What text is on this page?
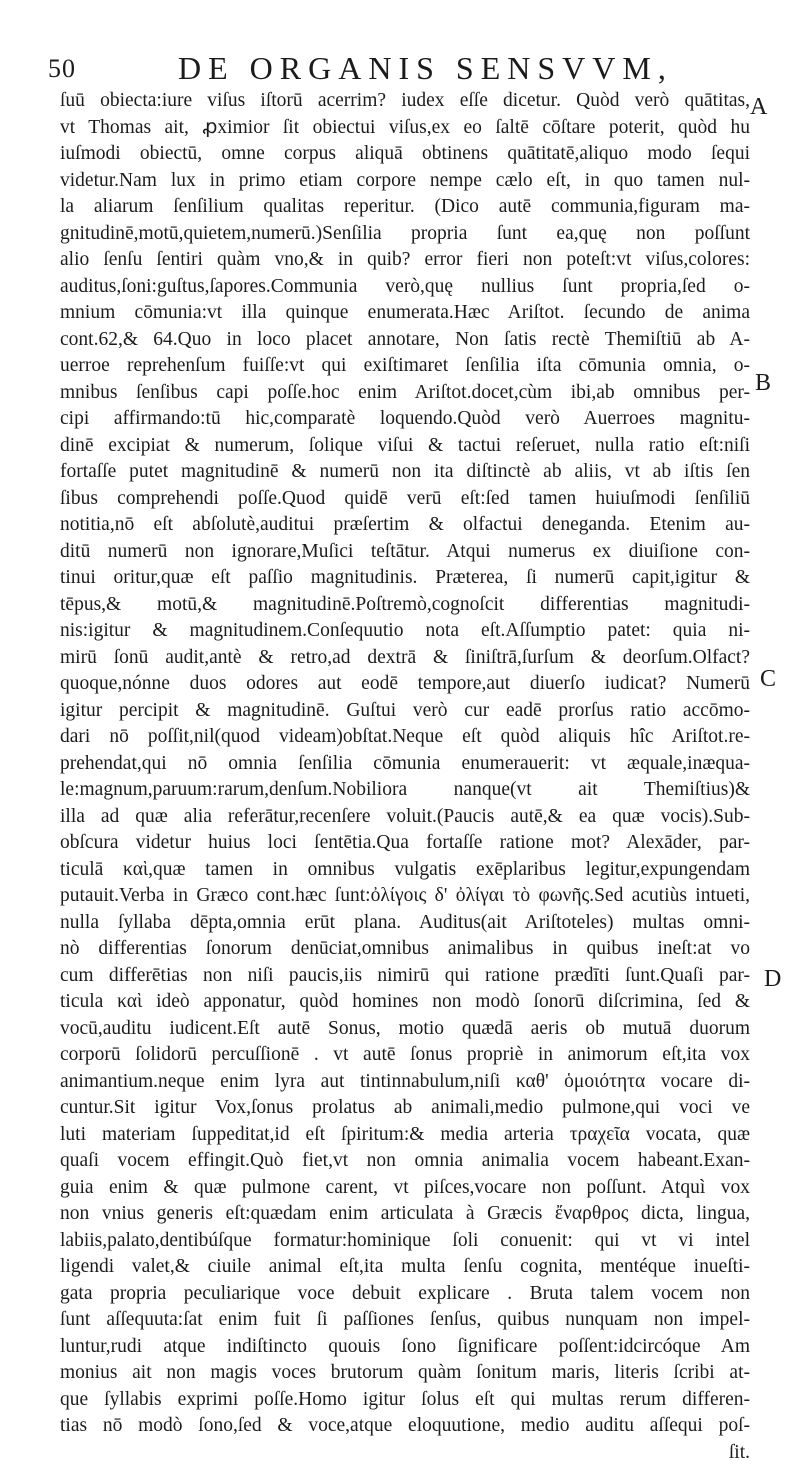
50	DE ORGANIS SENSVVM,
ſuū obiecta:iure viſus iſtorū acerrim? iudex eſſe dicetur. Quòd verò quātitas,
vt Thomas ait, ꝓximior ſit obiectui viſus,ex eo ſaltē cōſtare poterit, quòd hu
iuſmodi obiectū, omne corpus aliquā obtinens quātitatē,aliquo modo ſequi
videtur.Nam lux in primo etiam corpore nempe cælo eſt, in quo tamen nul-
la aliarum ſenſilium qualitas reperitur. (Dico autē communia,figuram ma-
gnitudinē,motū,quietem,numerū.)Senſilia propria ſunt ea,quę non poſſunt
alio ſenſu ſentiri quàm vno,& in quib? error fieri non poteſt:vt viſus,colores:
auditus,ſoni:guſtus,ſapores.Communia verò,quę nullius ſunt propria,ſed o-
mnium cōmunia:vt illa quinque enumerata.Hæc Ariſtot. ſecundo de anima
cont.62,& 64.Quo in loco placet annotare, Non ſatis rectè Themiſtiū ab A-
uerroe reprehenſum fuiſſe:vt qui exiſtimaret ſenſilia iſta cōmunia omnia, o-
mnibus ſenſibus capi poſſe.hoc enim Ariſtot.docet,cùm ibi,ab omnibus per-
cipi affirmando:tū hic,comparatè loquendo.Quòd verò Auerroes magnitu-
dinē excipiat & numerum, ſolique viſui & tactui reſeruet, nulla ratio eſt:niſi
fortaſſe putet magnitudinē & numerū non ita diſtinctè ab aliis, vt ab iſtis ſen
ſibus comprehendi poſſe.Quod quidē verū eſt:ſed tamen huiuſmodi ſenſiliū
notitia,nō eſt abſolutè,auditui præſertim & olfactui deneganda. Etenim au-
ditū numerū non ignorare,Muſici teſtātur. Atqui numerus ex diuiſione con-
tinui oritur,quæ eſt paſſio magnitudinis. Præterea, ſi numerū capit,igitur &
tēpus,& motū,& magnitudinē.Poſtremò,cognoſcit differentias magnitudi-
nis:igitur & magnitudinem.Conſequutio nota eſt.Aſſumptio patet: quia ni-
mirū ſonū audit,antè & retro,ad dextrā & ſiniſtrā,ſurſum & deorſum.Olfact?
quoque,nónne duos odores aut eodē tempore,aut diuerſo iudicat? Numerū
igitur percipit & magnitudinē. Guſtui verò cur eadē prorſus ratio accōmo-
dari nō poſſit,nil(quod videam)obſtat.Neque eſt quòd aliquis hîc Ariſtot.re-
prehendat,qui nō omnia ſenſilia cōmunia enumerauerit: vt æquale,inæqua-
le:magnum,paruum:rarum,denſum.Nobiliora nanque(vt ait Themiſtius)&
illa ad quæ alia referātur,recenſere voluit.(Paucis autē,& ea quæ vocis).Sub-
obſcura videtur huius loci ſentētia.Qua fortaſſe ratione mot? Alexāder, par-
ticulā καὶ,quæ tamen in omnibus vulgatis exēplaribus legitur,expungendam
putauit.Verba in Græco cont.hæc ſunt:ὀλίγοις δ' ὀλίγαι τὸ φωνῆς.Sed acutiùs intueti,
nulla ſyllaba dēpta,omnia erūt plana. Auditus(ait Ariſtoteles) multas omni-
nò differentias ſonorum denūciat,omnibus animalibus in quibus ineſt:at vo
cum differētias non niſi paucis,iis nimirū qui ratione prædīti ſunt.Quaſi par-
ticula καὶ ideò apponatur, quòd homines non modò ſonorū diſcrimina, ſed &
vocū,auditu iudicent.Eſt autē Sonus, motio quædā aeris ob mutuā duorum
corporū ſolidorū percuſſionē . vt autē ſonus propriè in animorum eſt,ita vox
animantium.neque enim lyra aut tintinnabulum,niſi καθ' ὁμοιότητα vocare di-
cuntur.Sit igitur Vox,ſonus prolatus ab animali,medio pulmone,qui voci ve
luti materiam ſuppeditat,id eſt ſpiritum:& media arteria τραχεῖα vocata, quæ
quaſi vocem effingit.Quò fiet,vt non omnia animalia vocem habeant.Exan-
guia enim & quæ pulmone carent, vt piſces,vocare non poſſunt. Atquì vox
non vnius generis eſt:quædam enim articulata à Græcis ἔναρθρος dicta, lingua,
labiis,palato,dentibúſque formatur:hominique ſoli conuenit: qui vt vi intel
ligendi valet,& ciuile animal eſt,ita multa ſenſu cognita, mentéque inueſti-
gata propria peculiarique voce debuit explicare . Bruta talem vocem non
ſunt aſſequuta:ſat enim fuit ſi paſſiones ſenſus, quibus nunquam non impel-
luntur,rudi atque indiſtincto quouis ſono ſignificare poſſent:idcircóque Am
monius ait non magis voces brutorum quàm ſonitum maris, literis ſcribi at-
que ſyllabis exprimi poſſe.Homo igitur ſolus eſt qui multas rerum differen-
tias nō modò ſono,ſed & voce,atque eloquutione, medio auditu aſſequi poſ-
ſit.
A
B
C
D
